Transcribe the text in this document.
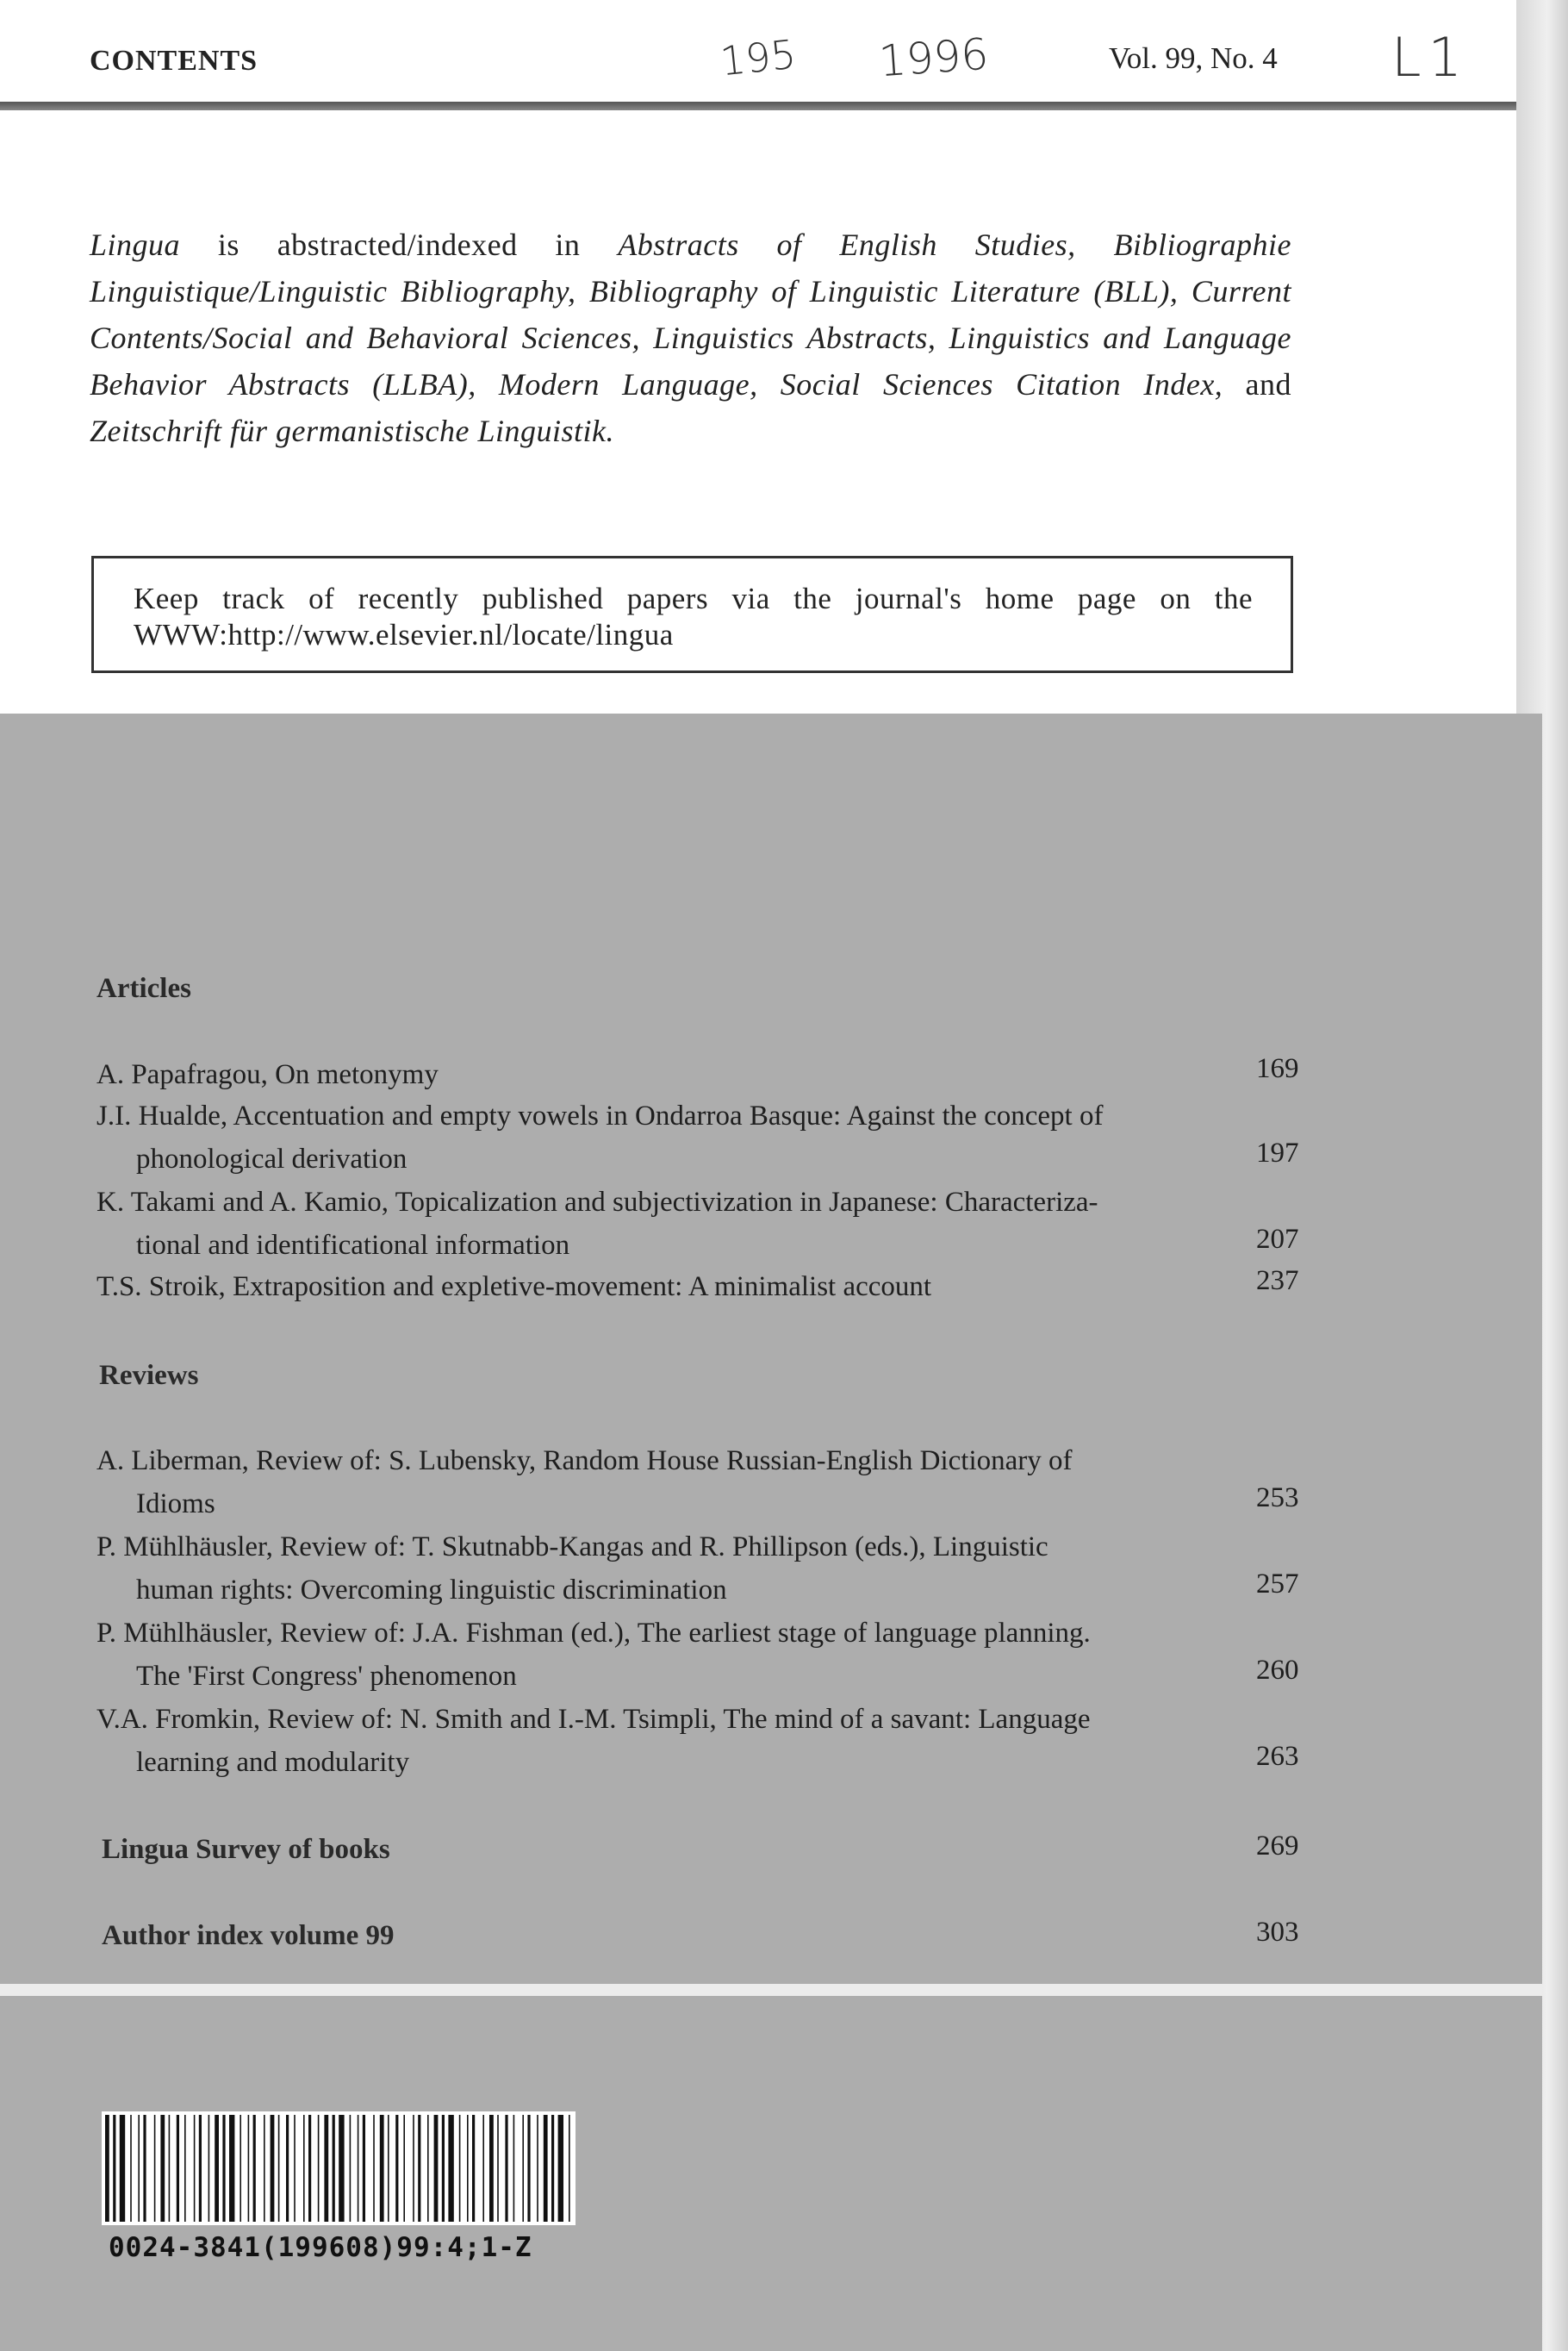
CONTENTS	195 1996	Vol. 99, No. 4 L1

Lingua is abstracted/indexed in Abstracts of English Studies, Bibliographie Linguistique/Linguistic Bibliography, Bibliography of Linguistic Literature (BLL), Current Contents/Social and Behavioral Sciences, Linguistics Abstracts, Linguistics and Language Behavior Abstracts (LLBA), Modern Language, Social Sciences Citation Index, and Zeitschrift für germanistische Linguistik.

Keep track of recently published papers via the journal's home page on the WWW:http://www.elsevier.nl/locate/lingua
Articles
A. Papafragou, On metonymy	169
J.I. Hualde, Accentuation and empty vowels in Ondarroa Basque: Against the concept of
phonological derivation	197
K. Takami and A. Kamio, Topicalization and subjectivization in Japanese: Characteriza-
tional and identificational information	207
T.S. Stroik, Extraposition and expletive-movement: A minimalist account	237
Reviews
A. Liberman, Review of: S. Lubensky, Random House Russian-English Dictionary of
Idioms	253
P. Mühlhäusler, Review of: T. Skutnabb-Kangas and R. Phillipson (eds.), Linguistic
human rights: Overcoming linguistic discrimination	257
P. Mühlhäusler, Review of: J.A. Fishman (ed.), The earliest stage of language planning.
The 'First Congress' phenomenon	260
V.A. Fromkin, Review of: N. Smith and I.-M. Tsimpli, The mind of a savant: Language
learning and modularity	263
Lingua Survey of books	269
Author index volume 99	303
0024-3841(199608)99:4;1-Z
